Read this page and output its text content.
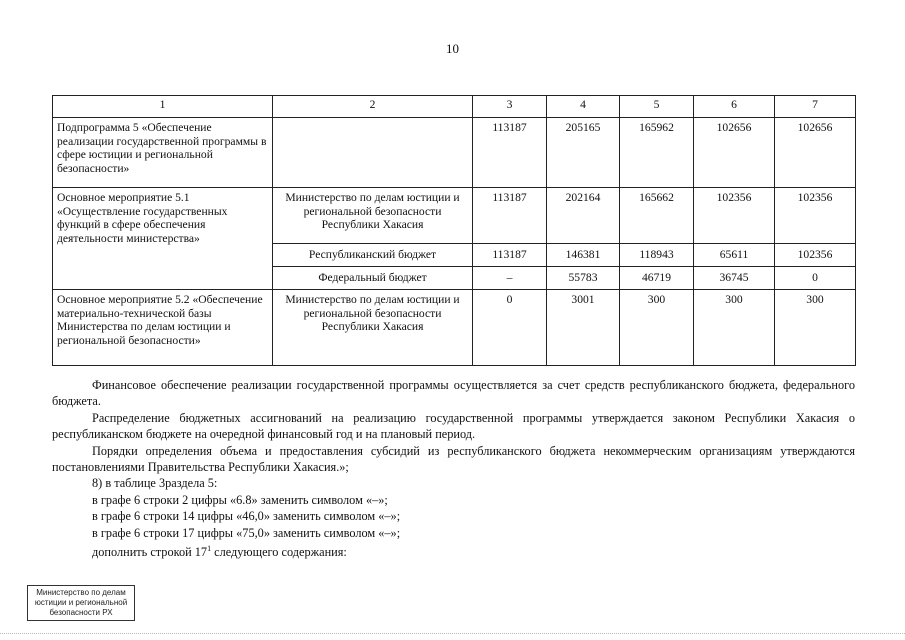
10
1	2	3	4	5	6	7
Подпрограмма 5 «Обеспечение реализации государственной программы в сфере юстиции и региональной безопасности»		113187	205165	165962	102656	102656
Основное мероприятие 5.1 «Осуществление государственных функций в сфере обеспечения деятельности министерства»	Министерство по делам юстиции и региональной безопасности Республики Хакасия	113187	202164	165662	102356	102356
	Республиканский бюджет	113187	146381	118943	65611	102356
	Федеральный бюджет	–	55783	46719	36745	0
Основное мероприятие 5.2 «Обеспечение материально-технической базы Министерства по делам юстиции и региональной безопасности»	Министерство по делам юстиции и региональной безопасности Республики Хакасия	0	3001	300	300	300

Финансовое обеспечение реализации государственной программы осуществляется за счет средств республиканского бюджета, федерального бюджета.

Распределение бюджетных ассигнований на реализацию государственной программы утверждается законом Республики Хакасия о республиканском бюджете на очередной финансовый год и на плановый период.

Порядки определения объема и предоставления субсидий из республиканского бюджета некоммерческим организациям утверждаются постановлениями Правительства Республики Хакасия.»;

8) в таблице 3раздела 5:

в графе 6 строки 2 цифры «6.8» заменить символом «–»;

в графе 6 строки 14 цифры «46,0» заменить символом «–»;

в графе 6 строки 17 цифры «75,0» заменить символом «–»;

дополнить строкой $17^1$ следующего содержания:

Министерство по делам
юстиции и региональной
безопасности РХ
